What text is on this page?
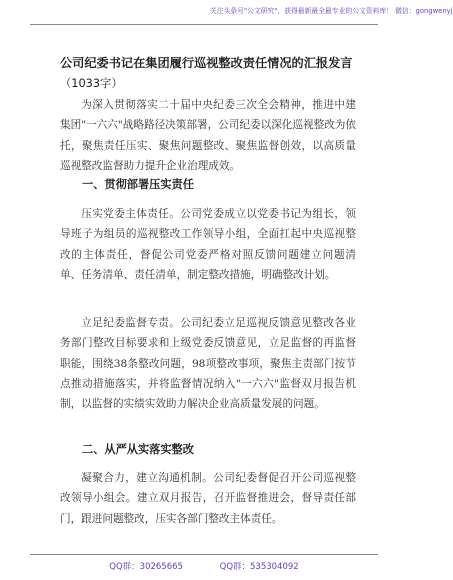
关注头条号"公文研究"，获得最新最全最专业的公文资料库！ 微信：gongwenyj
公司纪委书记在集团履行巡视整改责任情况的汇报发言
（1033字）
为深入贯彻落实二十届中央纪委三次全会精神，推进中建集团"一六六"战略路径决策部署，公司纪委以深化巡视整改为依托，聚焦责任压实、聚焦问题整改、聚焦监督创效，以高质量巡视整改监督助力提升企业治理成效。
一、贯彻部署压实责任
压实党委主体责任。公司党委成立以党委书记为组长，领导班子为组员的巡视整改工作领导小组，全面扛起中央巡视整改的主体责任，督促公司党委严格对照反馈问题建立问题清单、任务清单、责任清单，制定整改措施，明确整改计划。
立足纪委监督专责。公司纪委立足巡视反馈意见整改各业务部门整改目标要求和上级党委反馈意见，立足监督的再监督职能，围绕38条整改问题，98项整改事项，聚焦主责部门按节点推动措施落实，并将监督情况纳入"一六六"监督双月报告机制，以监督的实绩实效助力解决企业高质量发展的问题。
二、从严从实落实整改
凝聚合力，建立沟通机制。公司纪委督促召开公司巡视整改领导小组会。建立双月报告，召开监督推进会，督导责任部门，跟进问题整改，压实各部门整改主体责任。
QQ群：30265665	QQ群：535304092
